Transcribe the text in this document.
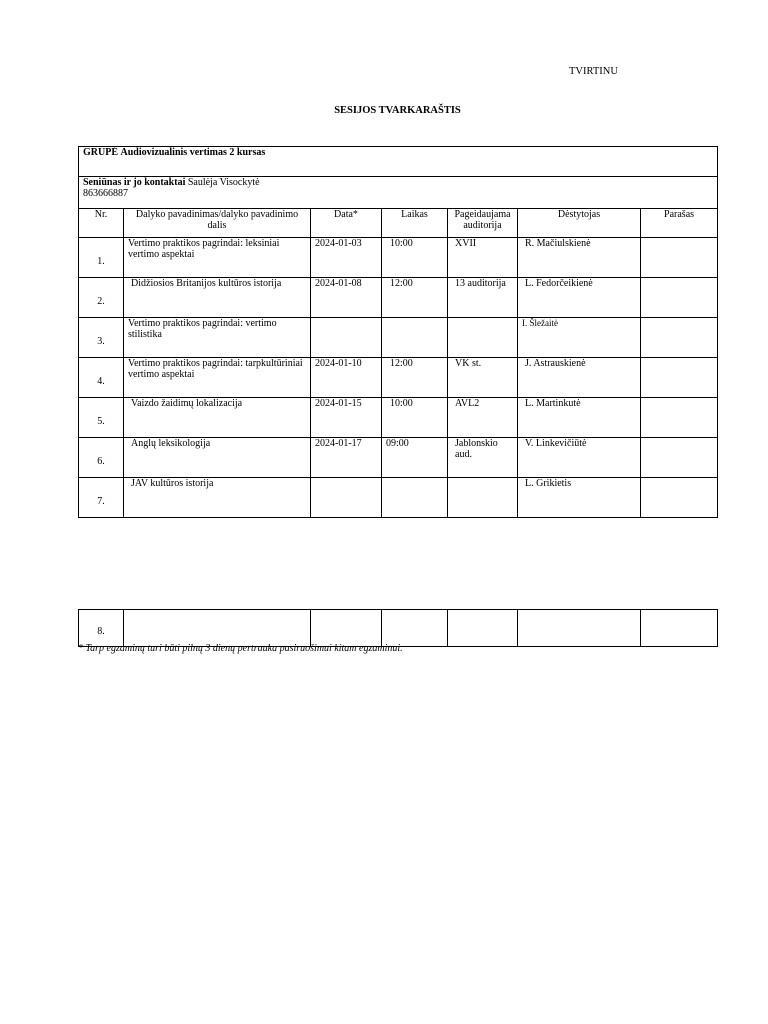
TVIRTINU
SESIJOS TVARKARAŠTIS
GRUPĖ Audiovizualinis vertimas 2 kursas						
Seniūnas ir jo kontaktai Saulėja Visockytė
863666887						
Nr.	Dalyko pavadinimas/dalyko pavadinimo dalis	Data*	Laikas	Pageidaujama auditorija	Dėstytojas	Parašas
1.	Vertimo praktikos pagrindai: leksiniai vertimo aspektai	2024-01-03	10:00	XVII	R. Mačiulskienė	
2.	Didžiosios Britanijos kultūros istorija	2024-01-08	12:00	13 auditorija	L. Fedorčeikienė	
3.	Vertimo praktikos pagrindai: vertimo stilistika				I. Šležaitė	
4.	Vertimo praktikos pagrindai: tarpkultūriniai vertimo aspektai	2024-01-10	12:00	VK st.	J. Astrauskienė	
5.	Vaizdo žaidimų lokalizacija	2024-01-15	10:00	AVL2	L. Martinkutė	
6.	Anglų leksikologija	2024-01-17	09:00	Jablonskio aud.	V. Linkevičiūtė	
7.	JAV kultūros istorija				L. Grikietis	
8.						
* Tarp egzaminų turi būti pilnų 3 dienų pertrauka pasiruošimui kitam egzaminui.
